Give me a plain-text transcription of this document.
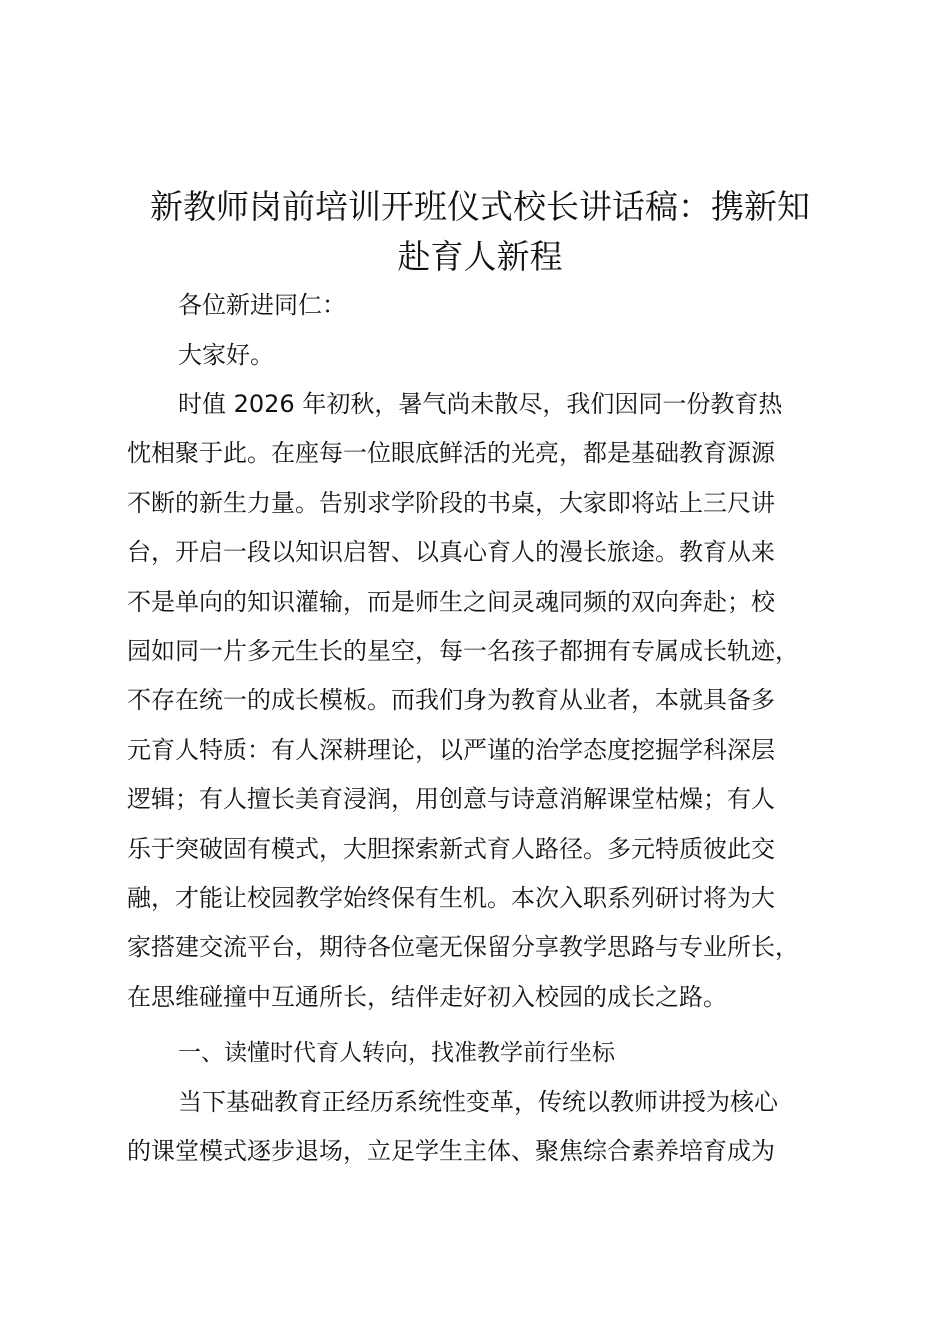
新教师岗前培训开班仪式校长讲话稿：携新知
赴育人新程

各位新进同仁：

大家好。

时值 2026 年初秋，暑气尚未散尽，我们因同一份教育热
忱相聚于此。在座每一位眼底鲜活的光亮，都是基础教育源源
不断的新生力量。告别求学阶段的书桌，大家即将站上三尺讲
台，开启一段以知识启智、以真心育人的漫长旅途。教育从来
不是单向的知识灌输，而是师生之间灵魂同频的双向奔赴；校
园如同一片多元生长的星空，每一名孩子都拥有专属成长轨迹，
不存在统一的成长模板。而我们身为教育从业者，本就具备多
元育人特质：有人深耕理论，以严谨的治学态度挖掘学科深层
逻辑；有人擅长美育浸润，用创意与诗意消解课堂枯燥；有人
乐于突破固有模式，大胆探索新式育人路径。多元特质彼此交
融，才能让校园教学始终保有生机。本次入职系列研讨将为大
家搭建交流平台，期待各位毫无保留分享教学思路与专业所长，
在思维碰撞中互通所长，结伴走好初入校园的成长之路。

一、读懂时代育人转向，找准教学前行坐标

当下基础教育正经历系统性变革，传统以教师讲授为核心
的课堂模式逐步退场，立足学生主体、聚焦综合素养培育成为
